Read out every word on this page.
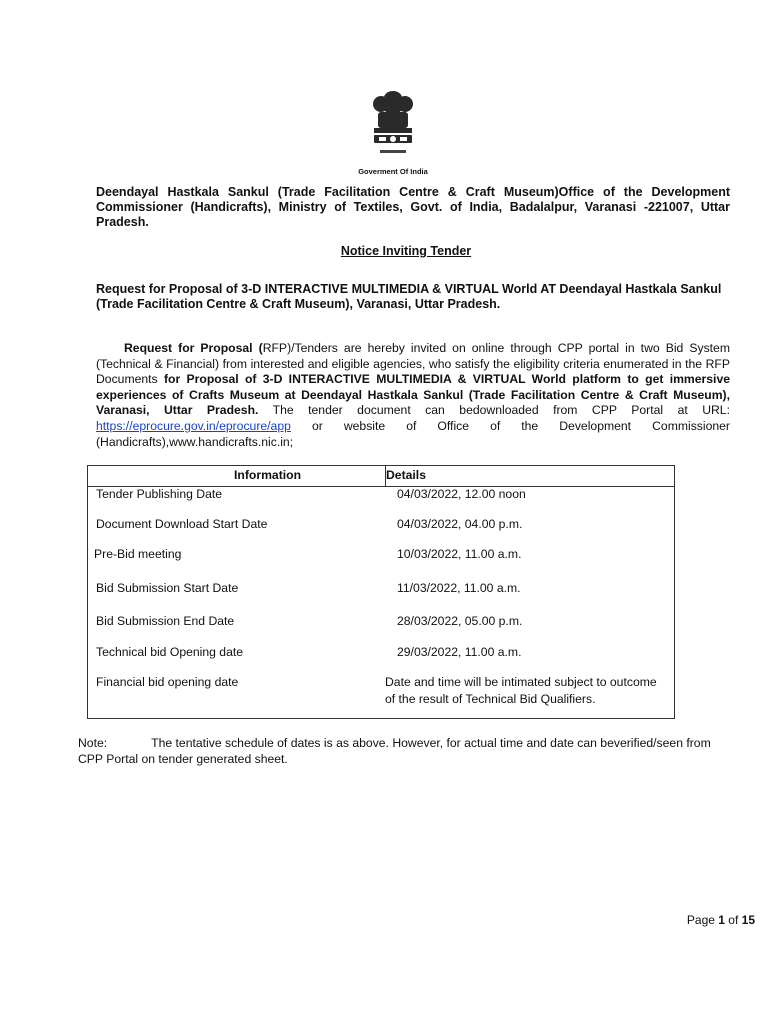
Goverment Of India
Deendayal Hastkala Sankul (Trade Facilitation Centre & Craft Museum)Office of the Development Commissioner (Handicrafts), Ministry of Textiles, Govt. of India, Badalalpur, Varanasi -221007, Uttar Pradesh.
Notice Inviting Tender
Request for Proposal of 3-D INTERACTIVE MULTIMEDIA & VIRTUAL World AT Deendayal Hastkala Sankul (Trade Facilitation Centre & Craft Museum), Varanasi, Uttar Pradesh.
Request for Proposal (RFP)/Tenders are hereby invited on online through CPP portal in two Bid System (Technical & Financial) from interested and eligible agencies, who satisfy the eligibility criteria enumerated in the RFP Documents for Proposal of 3-D INTERACTIVE MULTIMEDIA & VIRTUAL World platform to get immersive experiences of Crafts Museum at Deendayal Hastkala Sankul (Trade Facilitation Centre & Craft Museum), Varanasi, Uttar Pradesh. The tender document can bedownloaded from CPP Portal at URL: https://eprocure.gov.in/eprocure/app or website of Office of the Development Commissioner (Handicrafts),www.handicrafts.nic.in;
Information	Details
Tender Publishing Date	04/03/2022, 12.00 noon
Document Download Start Date	04/03/2022, 04.00 p.m.
Pre-Bid meeting	10/03/2022, 11.00 a.m.
Bid Submission Start Date	11/03/2022, 11.00 a.m.
Bid Submission End Date	28/03/2022, 05.00 p.m.
Technical bid Opening date	29/03/2022, 11.00 a.m.
Financial bid opening date	Date and time will be intimated subject to outcome
of the result of Technical Bid Qualifiers.
Note:	The tentative schedule of dates is as above. However, for actual time and date can beverified/seen from CPP Portal on tender generated sheet.
Page 1 of 15
